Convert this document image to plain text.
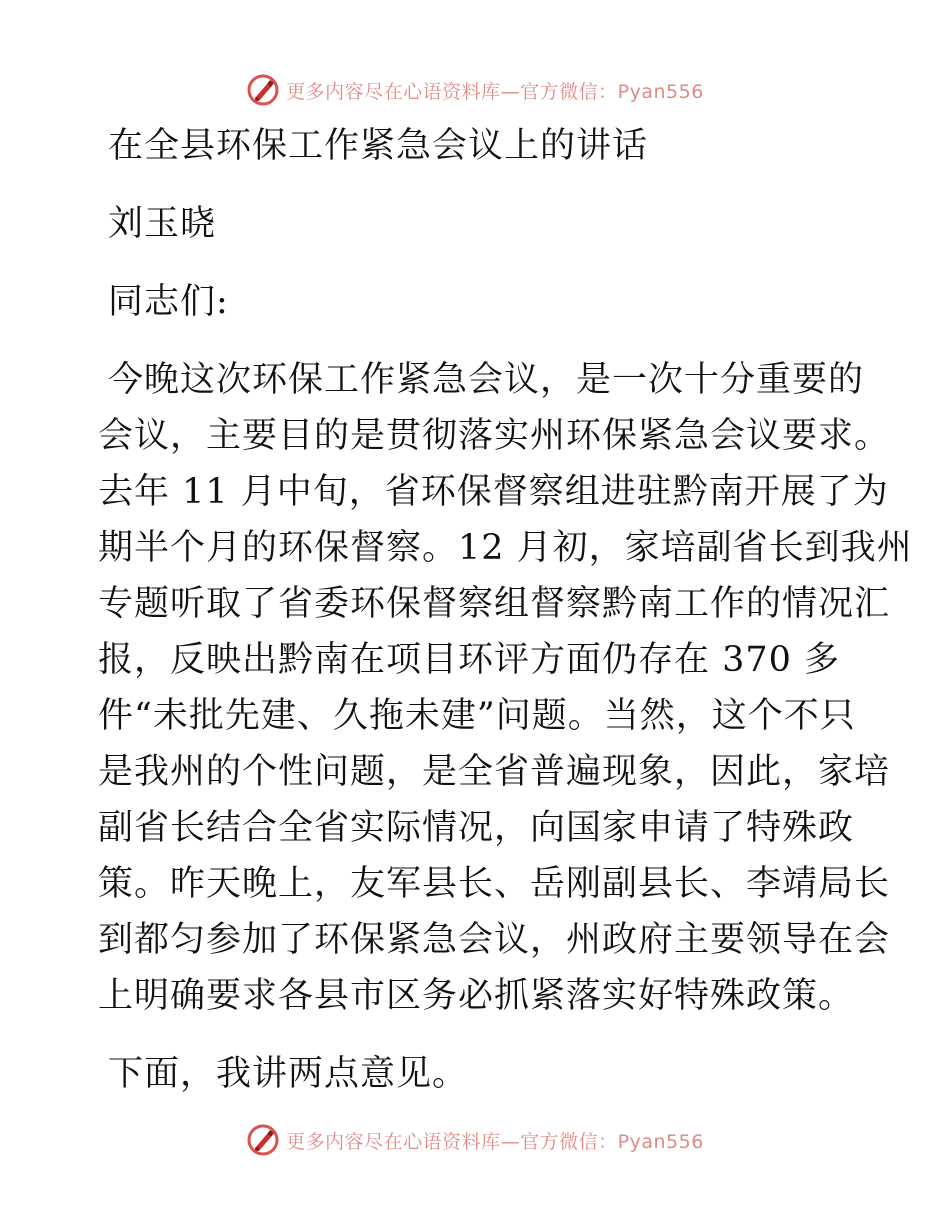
更多内容尽在心语资料库—官方微信：Pyan556
在全县环保工作紧急会议上的讲话
刘玉晓
同志们:
今晚这次环保工作紧急会议，是一次十分重要的
会议，主要目的是贯彻落实州环保紧急会议要求。
去年 11 月中旬，省环保督察组进驻黔南开展了为
期半个月的环保督察。12 月初，家培副省长到我州
专题听取了省委环保督察组督察黔南工作的情况汇
报，反映出黔南在项目环评方面仍存在 370 多
件“未批先建、久拖未建”问题。当然，这个不只
是我州的个性问题，是全省普遍现象，因此，家培
副省长结合全省实际情况，向国家申请了特殊政
策。昨天晚上，友军县长、岳刚副县长、李靖局长
到都匀参加了环保紧急会议，州政府主要领导在会
上明确要求各县市区务必抓紧落实好特殊政策。
下面，我讲两点意见。
更多内容尽在心语资料库—官方微信：Pyan556
